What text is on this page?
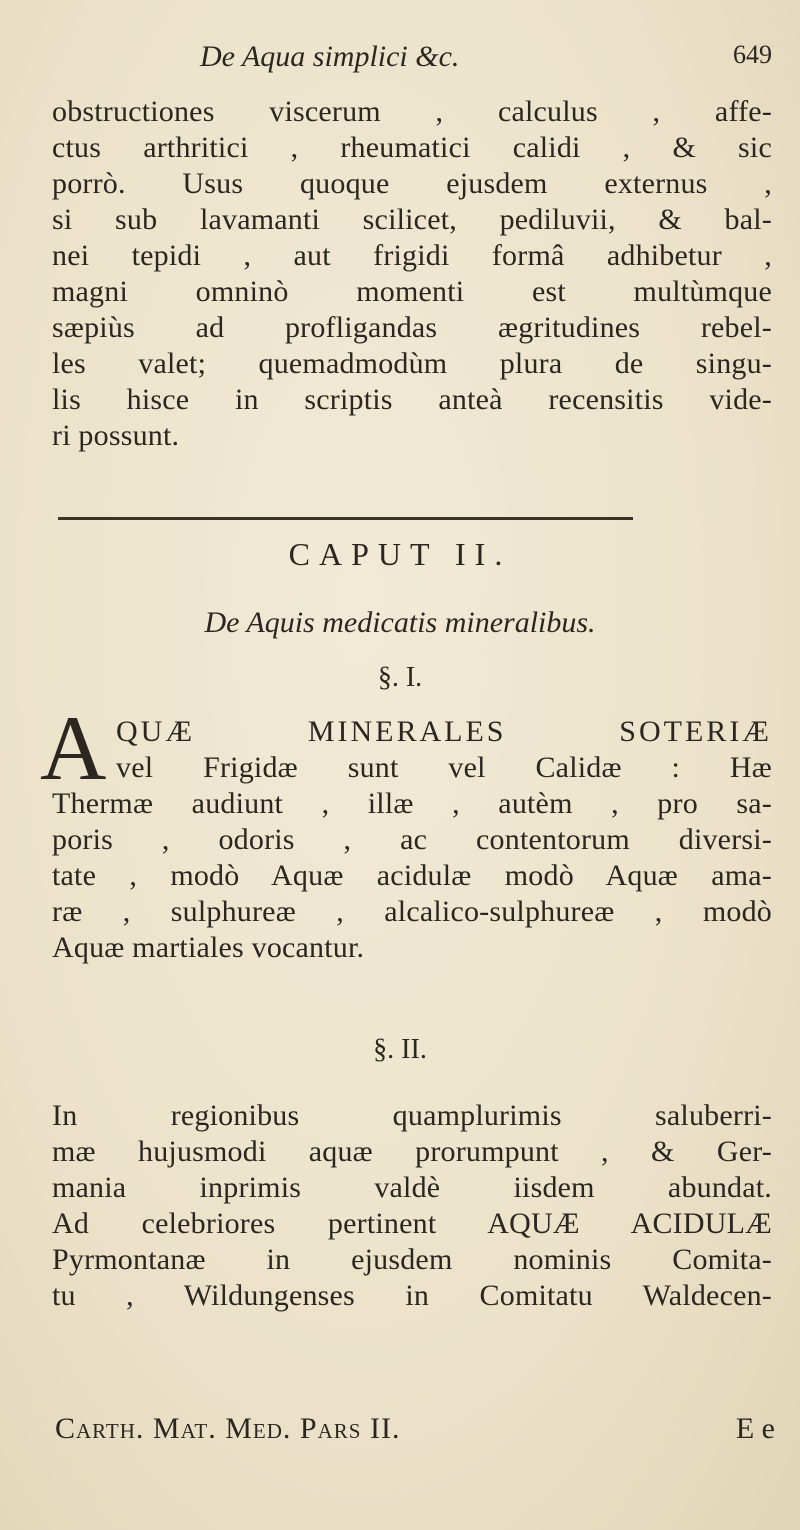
De Aqua simplici &c.	649
obstructiones viscerum , calculus , affe-
ctus arthritici , rheumatici calidi , & sic
porrò. Usus quoque ejusdem externus ,
si sub lavamanti scilicet, pediluvii, & bal-
nei tepidi , aut frigidi formâ adhibetur ,
magni omninò momenti est multùmque
sæpiùs ad profligandas ægritudines rebel-
les valet; quemadmodùm plura de singu-
lis hisce in scriptis anteà recensitis vide-
ri possunt.
CAPUT II.
De Aquis medicatis mineralibus.
§. I.
A QUÆ MINERALES SOTERIÆ
vel Frigidæ sunt vel Calidæ : Hæ
Thermæ audiunt , illæ , autèm , pro sa-
poris , odoris , ac contentorum diversi-
tate , modò Aquæ acidulæ modò Aquæ ama-
ræ , sulphureæ , alcalico-sulphureæ , modò
Aquæ martiales vocantur.
§. II.
In regionibus quamplurimis saluberri-
mæ hujusmodi aquæ prorumpunt , & Ger-
mania inprimis valdè iisdem abundat.
Ad celebriores pertinent AQUÆ ACIDULÆ
Pyrmontanæ in ejusdem nominis Comita-
tu , Wildungenses in Comitatu Waldecen-
Carth. Mat. Med. Pars II.	E e
